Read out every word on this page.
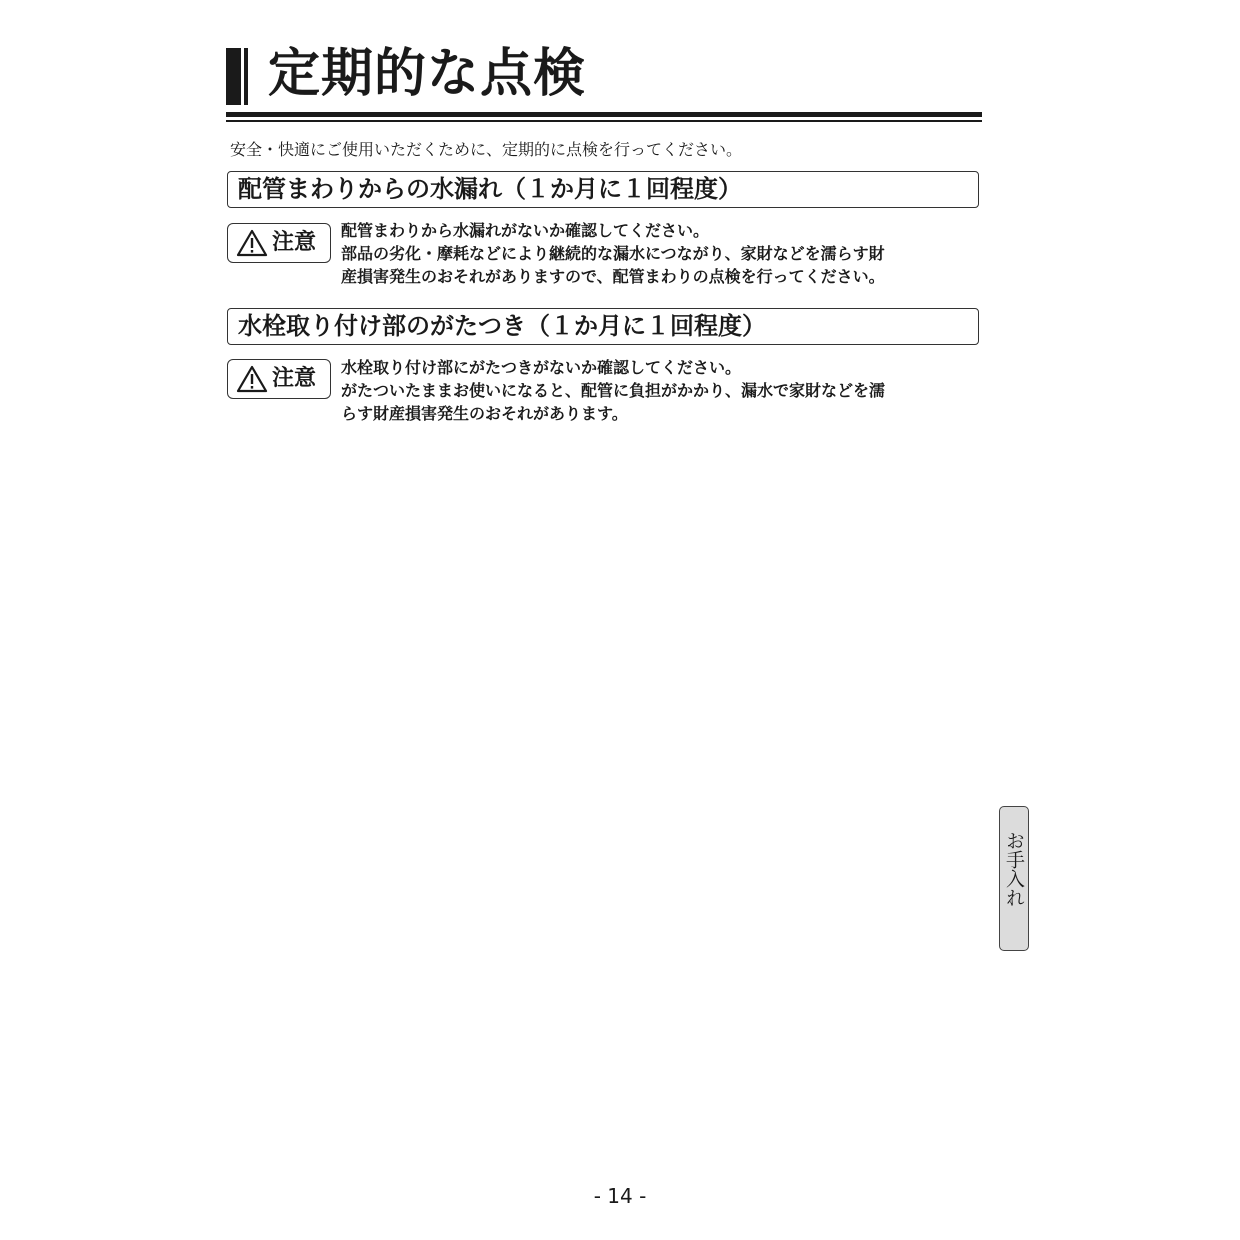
定期的な点検
安全・快適にご使用いただくために、定期的に点検を行ってください。
配管まわりからの水漏れ（１か月に１回程度）
注意 配管まわりから水漏れがないか確認してください。
部品の劣化・摩耗などにより継続的な漏水につながり、家財などを濡らす財
産損害発生のおそれがありますので、配管まわりの点検を行ってください。
水栓取り付け部のがたつき（１か月に１回程度）
注意 水栓取り付け部にがたつきがないか確認してください。
がたついたままお使いになると、配管に負担がかかり、漏水で家財などを濡
らす財産損害発生のおそれがあります。
お手入れ
- 14 -
